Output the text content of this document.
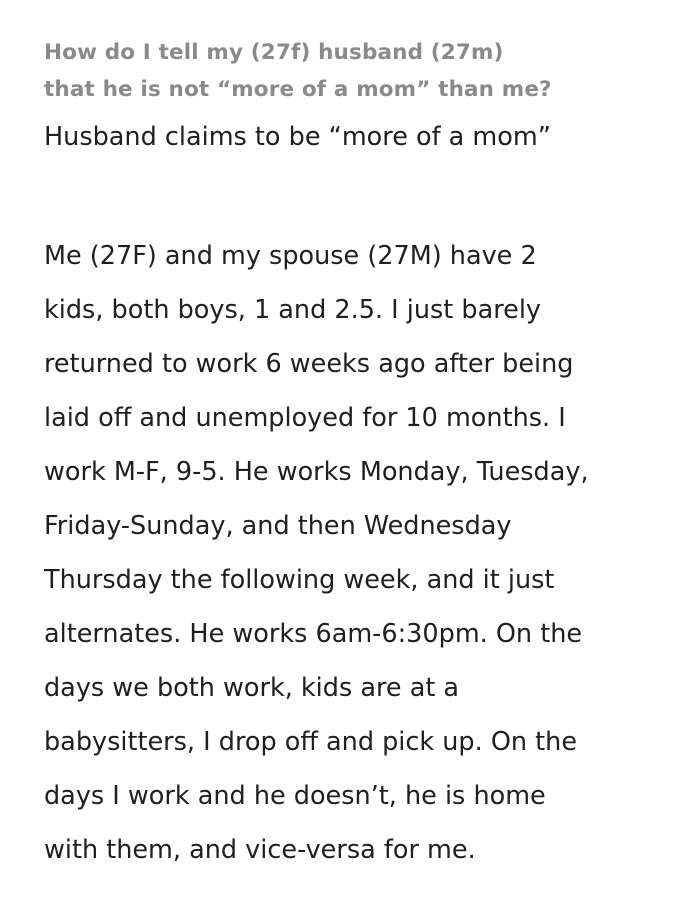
How do I tell my (27f) husband (27m)
that he is not “more of a mom” than me?

Husband claims to be “more of a mom”

Me (27F) and my spouse (27M) have 2
kids, both boys, 1 and 2.5. I just barely
returned to work 6 weeks ago after being
laid off and unemployed for 10 months. I
work M-F, 9-5. He works Monday, Tuesday,
Friday-Sunday, and then Wednesday
Thursday the following week, and it just
alternates. He works 6am-6:30pm. On the
days we both work, kids are at a
babysitters, I drop off and pick up. On the
days I work and he doesn’t, he is home
with them, and vice-versa for me.
